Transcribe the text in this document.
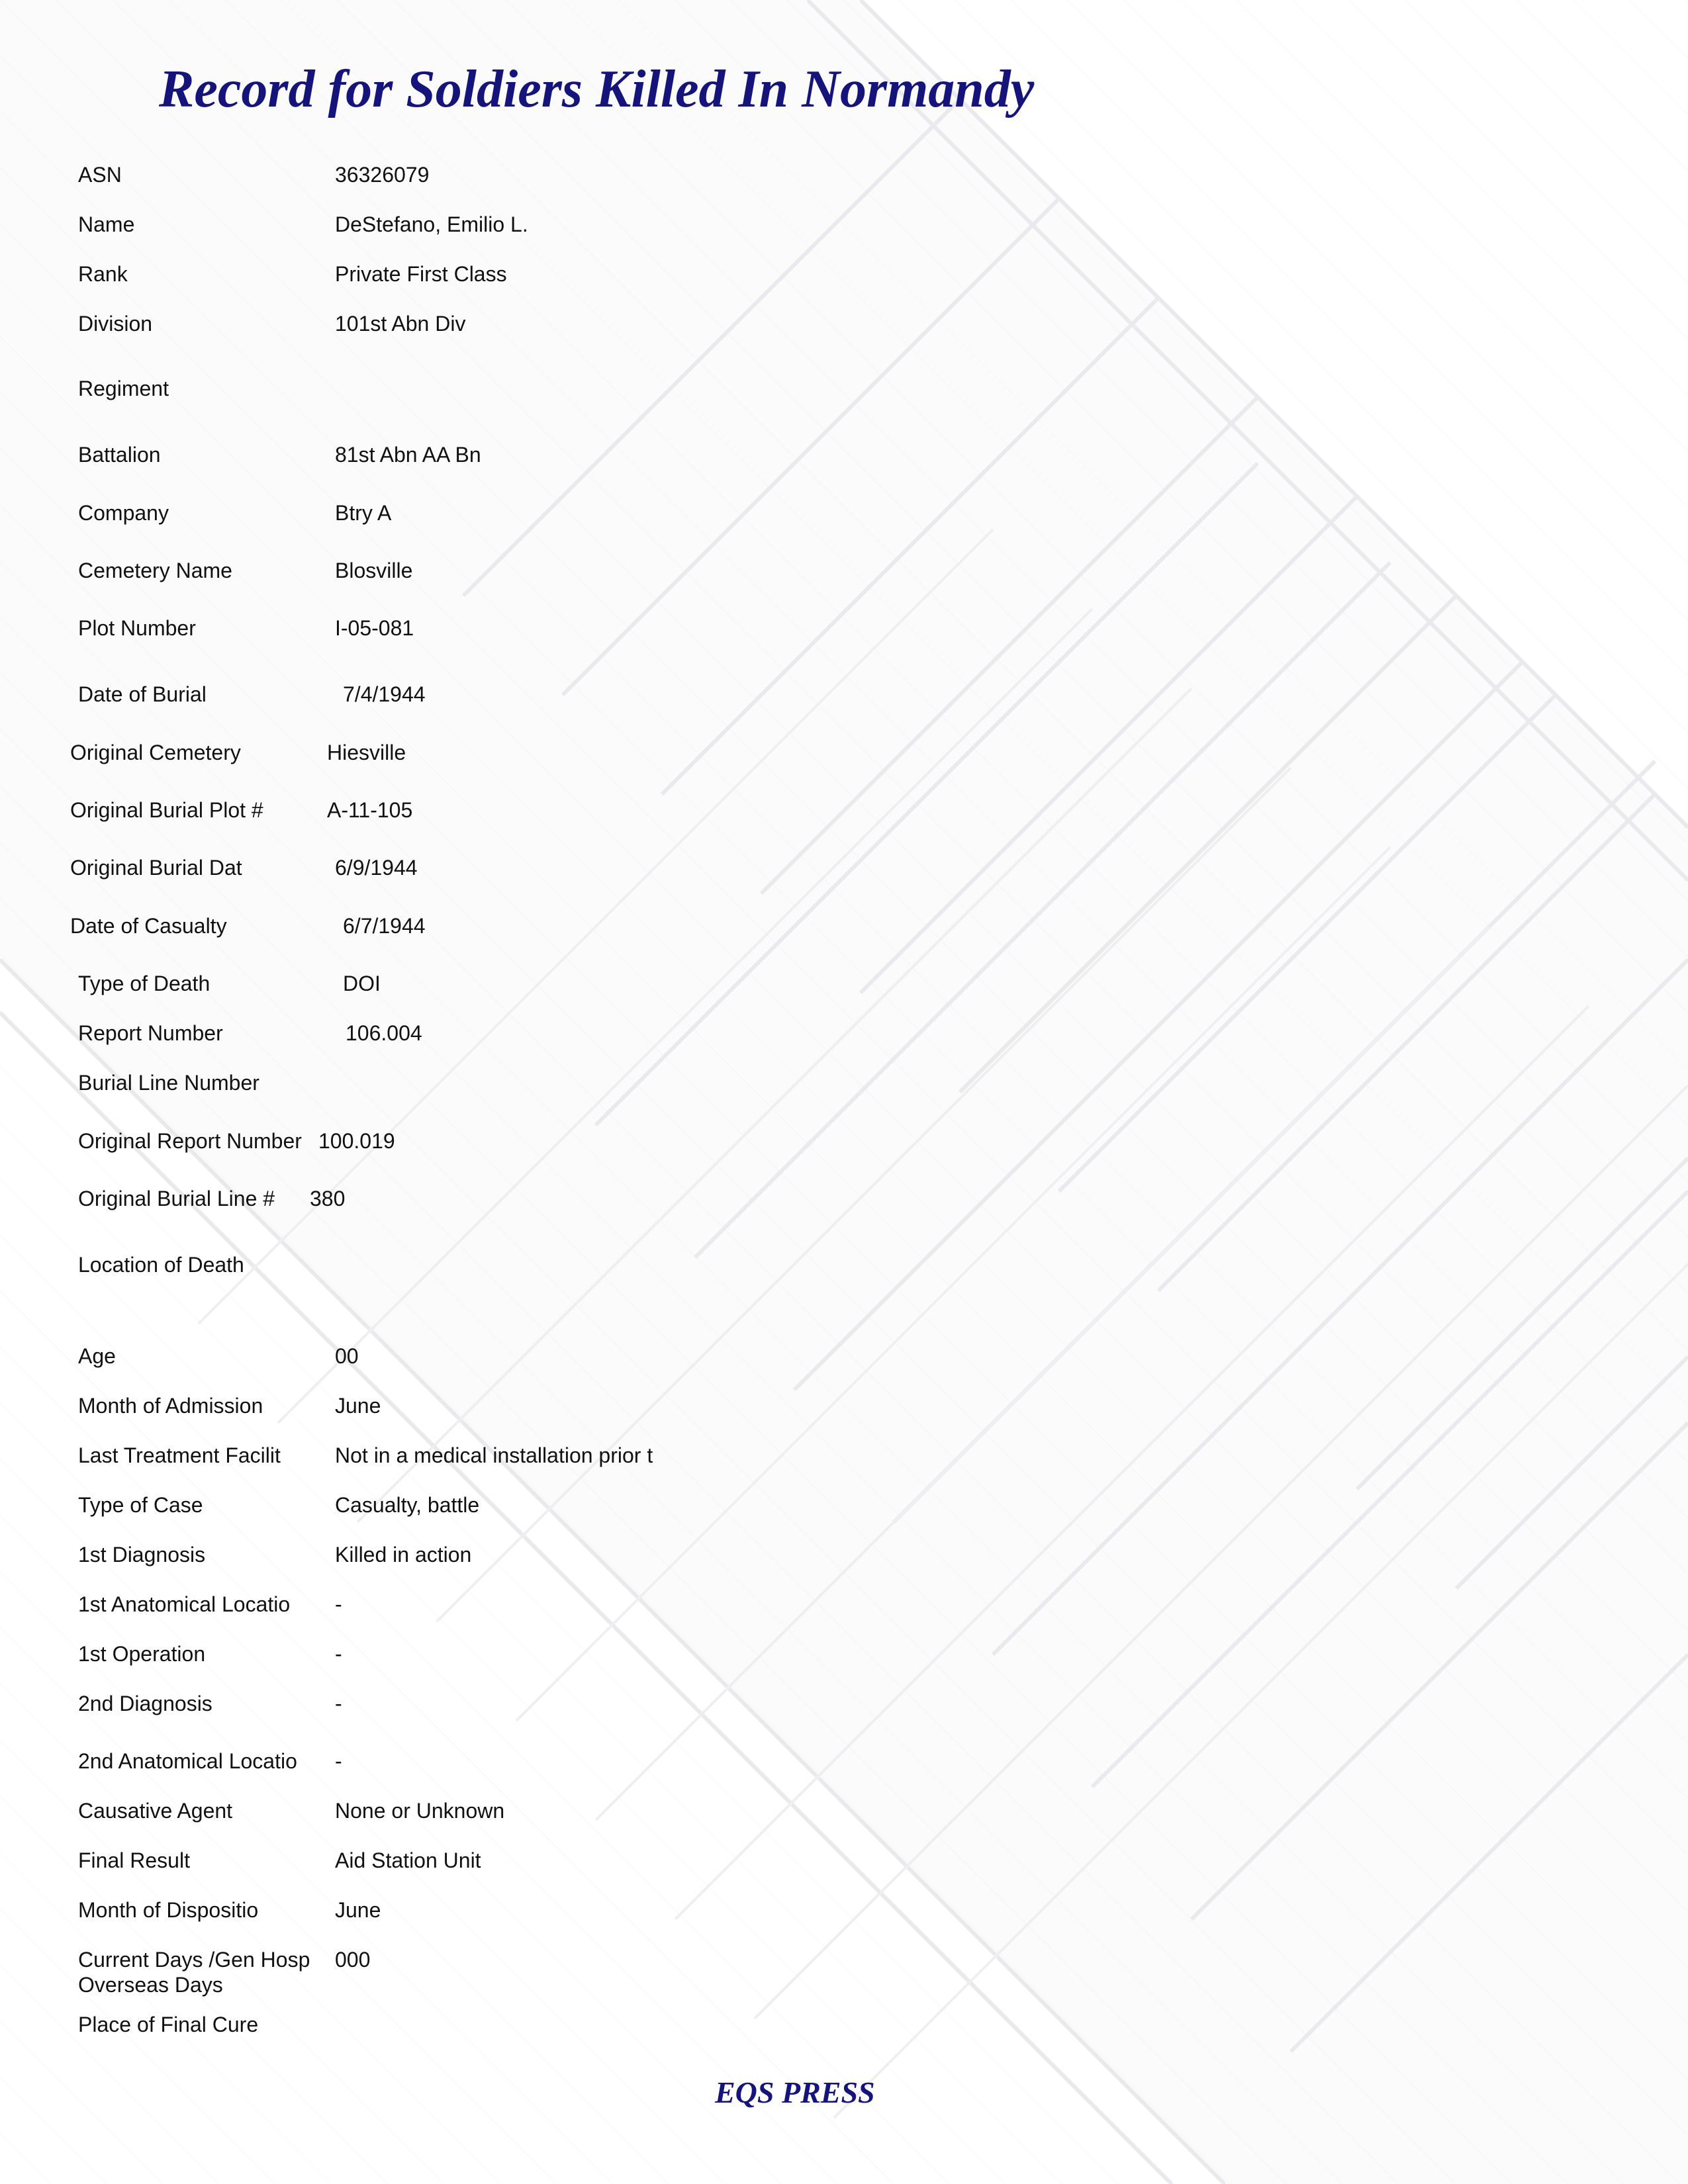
Record for Soldiers Killed In Normandy
ASN	36326079
Name	DeStefano, Emilio L.
Rank	Private First Class
Division	101st Abn Div
Regiment
Battalion	81st Abn AA Bn
Company	Btry A
Cemetery Name	Blosville
Plot Number	I-05-081
Date of Burial	7/4/1944
Original Cemetery	Hiesville
Original Burial Plot #	A-11-105
Original Burial Dat	6/9/1944
Date of Casualty	6/7/1944
Type of Death	DOI
Report Number	106.004
Burial Line Number
Original Report Number 100.019
Original Burial Line # 380
Location of Death
Age	00
Month of Admission	June
Last Treatment Facilit	Not in a medical installation prior t
Type of Case	Casualty, battle
1st Diagnosis	Killed in action
1st Anatomical Locatio -
1st Operation	-
2nd Diagnosis	-
2nd Anatomical Locatio -
Causative Agent	None or Unknown
Final Result	Aid Station Unit
Month of Dispositio	June
Current Days /Gen Hosp 000
Overseas Days
Place of Final Cure

EQS PRESS
